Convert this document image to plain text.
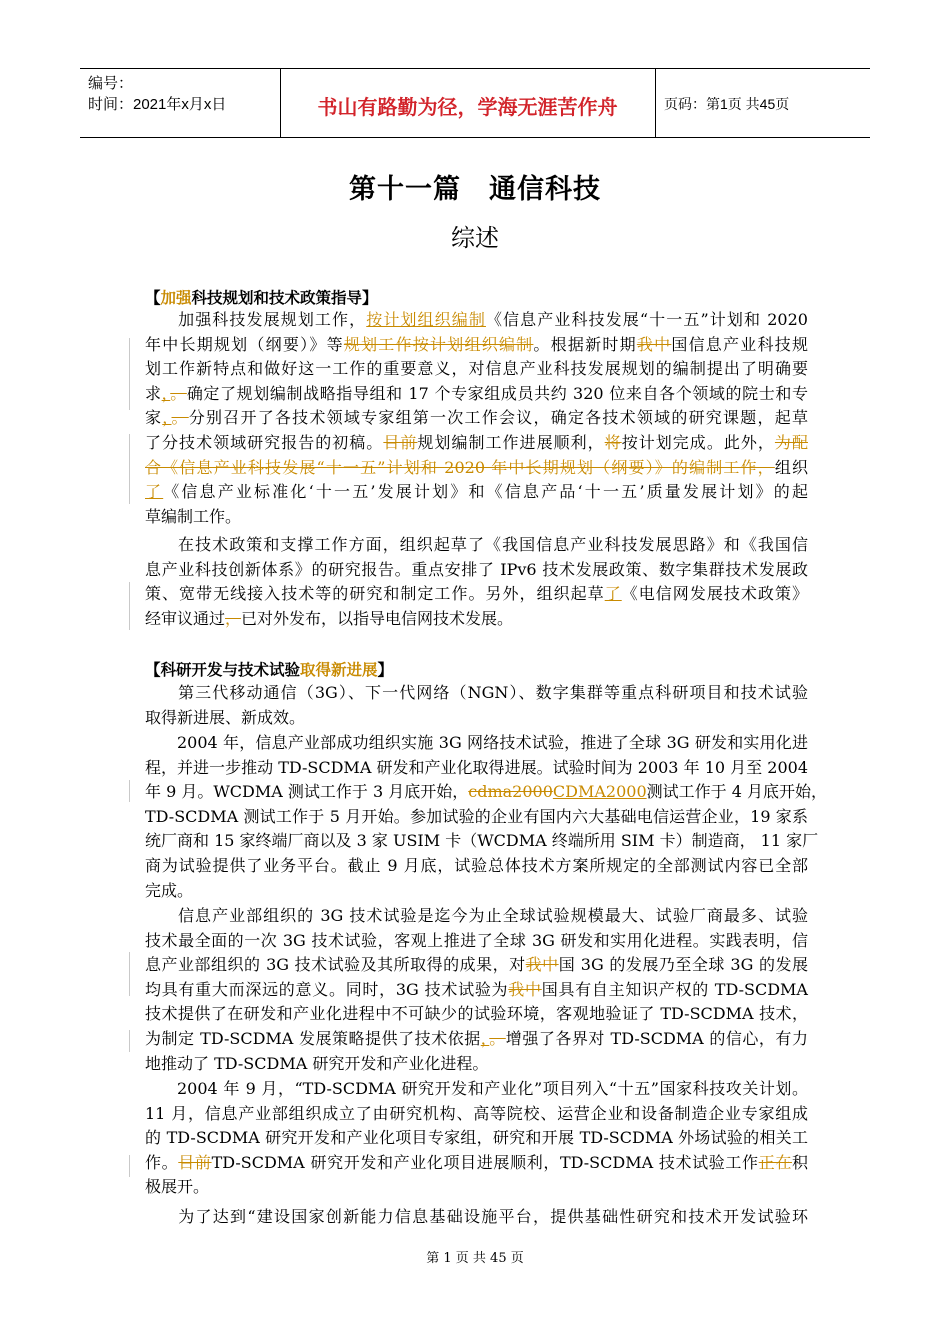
编号：
时间：2021年x月x日	书山有路勤为径，学海无涯苦作舟	页码：第1页 共45页
第十一篇　通信科技
综述
【加强科技规划和技术政策指导】
加强科技发展规划工作，按计划组织编制《信息产业科技发展“十一五”计划和 2020
年中长期规划（纲要）》等规划工作按计划组织编制。根据新时期我中国信息产业科技规
划工作新特点和做好这一工作的重要意义，对信息产业科技发展规划的编制提出了明确要
求，。确定了规划编制战略指导组和 17 个专家组成员共约 320 位来自各个领域的院士和专
家，。分别召开了各技术领域专家组第一次工作会议，确定各技术领域的研究课题，起草
了分技术领域研究报告的初稿。目前规划编制工作进展顺利，将按计划完成。此外，为配
合《信息产业科技发展“十一五”计划和 2020 年中长期规划（纲要）》的编制工作，组织
了《信息产业标准化‘十一五’发展计划》和《信息产品‘十一五’质量发展计划》的起
草编制工作。
在技术政策和支撑工作方面，组织起草了《我国信息产业科技发展思路》和《我国信
息产业科技创新体系》的研究报告。重点安排了 IPv6 技术发展政策、数字集群技术发展政
策、宽带无线接入技术等的研究和制定工作。另外，组织起草了《电信网发展技术政策》
经审议通过，已对外发布，以指导电信网技术发展。
【科研开发与技术试验取得新进展】
第三代移动通信（3G）、下一代网络（NGN）、数字集群等重点科研项目和技术试验
取得新进展、新成效。
2004 年，信息产业部成功组织实施 3G 网络技术试验，推进了全球 3G 研发和实用化进
程，并进一步推动 TD-SCDMA 研发和产业化取得进展。试验时间为 2003 年 10 月至 2004
年 9 月。WCDMA 测试工作于 3 月底开始，cdma2000CDMA2000测试工作于 4 月底开始，
TD-SCDMA 测试工作于 5 月开始。参加试验的企业有国内六大基础电信运营企业，19 家系
统厂商和 15 家终端厂商以及 3 家 USIM 卡（WCDMA 终端所用 SIM 卡）制造商， 11 家厂
商为试验提供了业务平台。截止 9 月底，试验总体技术方案所规定的全部测试内容已全部
完成。
信息产业部组织的 3G 技术试验是迄今为止全球试验规模最大、试验厂商最多、试验
技术最全面的一次 3G 技术试验，客观上推进了全球 3G 研发和实用化进程。实践表明，信
息产业部组织的 3G 技术试验及其所取得的成果，对我中国 3G 的发展乃至全球 3G 的发展
均具有重大而深远的意义。同时，3G 技术试验为我中国具有自主知识产权的 TD-SCDMA
技术提供了在研发和产业化进程中不可缺少的试验环境，客观地验证了 TD-SCDMA 技术，
为制定 TD-SCDMA 发展策略提供了技术依据，。增强了各界对 TD-SCDMA 的信心，有力
地推动了 TD-SCDMA 研究开发和产业化进程。
2004 年 9 月，“TD-SCDMA 研究开发和产业化”项目列入“十五”国家科技攻关计划。
11 月，信息产业部组织成立了由研究机构、高等院校、运营企业和设备制造企业专家组成
的 TD-SCDMA 研究开发和产业化项目专家组，研究和开展 TD-SCDMA 外场试验的相关工
作。目前TD-SCDMA 研究开发和产业化项目进展顺利，TD-SCDMA 技术试验工作正在积
极展开。
为了达到“建设国家创新能力信息基础设施平台，提供基础性研究和技术开发试验环
第 1 页 共 45 页
